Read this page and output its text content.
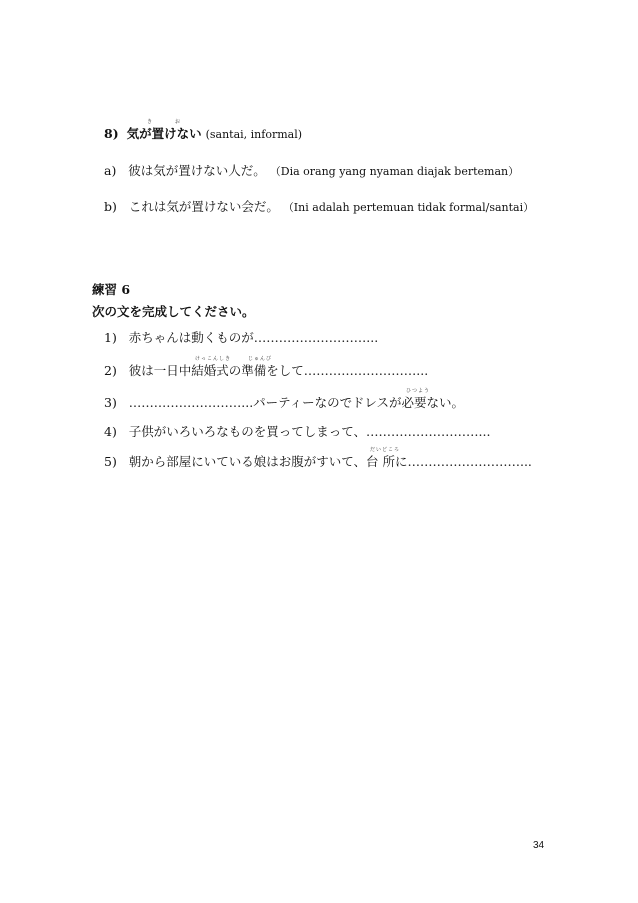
き	お
8) 気が置けない (santai, informal)
a) 彼は気が置けない人だ。 （Dia orang yang nyaman diajak berteman）
b) これは気が置けない会だ。 （Ini adalah pertemuan tidak formal/santai）
練習 6
次の文を完成してください。
1) 赤ちゃんは動くものが………………………...
けっこんしき	じゅんび
2) 彼は一日中結婚式の準備をして………………………...
ひつよう
3) ………………………...パーティーなのでドレスが必要ない。
4) 子供がいろいろなものを買ってしまって、………………………...
だいどころ
5) 朝から部屋にいている娘はお腹がすいて、台 所に………………………...
34
